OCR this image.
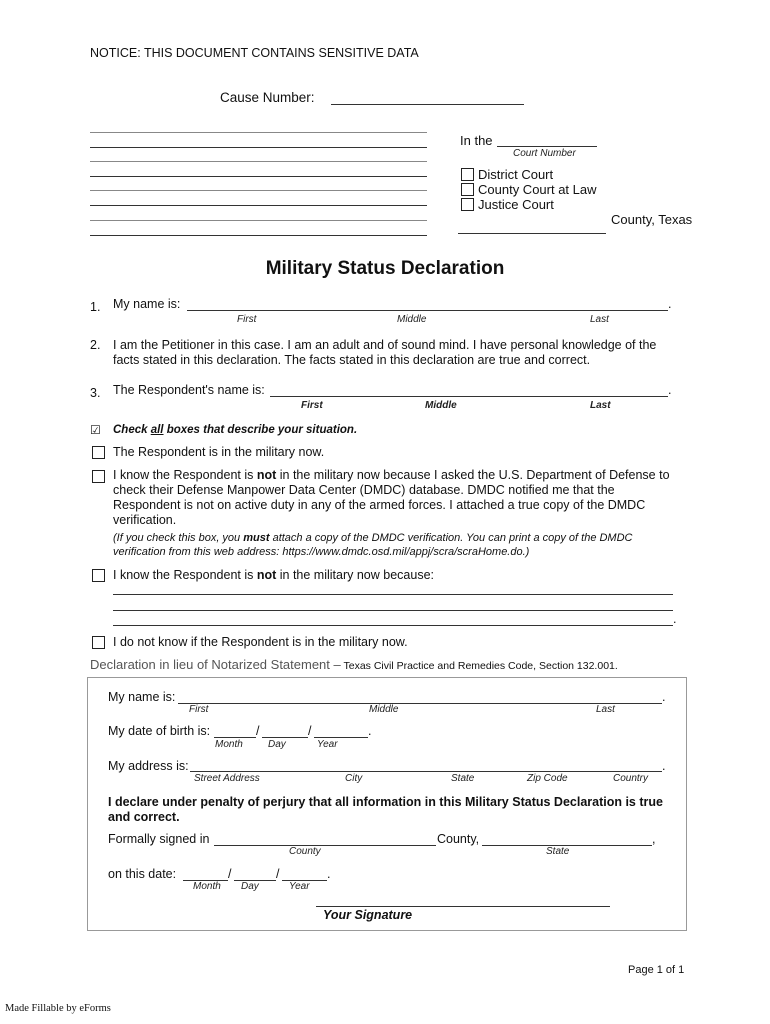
NOTICE: THIS DOCUMENT CONTAINS SENSITIVE DATA
Cause Number:
In the
Court Number
District Court
County Court at Law
Justice Court
County, Texas
Military Status Declaration
1. My name is:	.
First	Middle	Last
2. I am the Petitioner in this case. I am an adult and of sound mind. I have personal knowledge of the
facts stated in this declaration. The facts stated in this declaration are true and correct.
3. The Respondent's name is:	.
First	Middle	Last
☑ Check all boxes that describe your situation.
The Respondent is in the military now.
I know the Respondent is not in the military now because I asked the U.S. Department of Defense to
check their Defense Manpower Data Center (DMDC) database. DMDC notified me that the
Respondent is not on active duty in any of the armed forces. I attached a true copy of the DMDC
verification.
(If you check this box, you must attach a copy of the DMDC verification. You can print a copy of the DMDC
verification from this web address: https://www.dmdc.osd.mil/appj/scra/scraHome.do.)
I know the Respondent is not in the military now because:
.
I do not know if the Respondent is in the military now.
Declaration in lieu of Notarized Statement – Texas Civil Practice and Remedies Code, Section 132.001.
My name is:	.
First	Middle	Last
My date of birth is:	/	/	.
Month	Day	Year
My address is:	.
Street Address	City	State	Zip Code	Country
I declare under penalty of perjury that all information in this Military Status Declaration is true
and correct.
Formally signed in	County,	,
County	State
on this date:	/	/	.
Month Day	Year
Your Signature
Page 1 of 1
Made Fillable by eForms
